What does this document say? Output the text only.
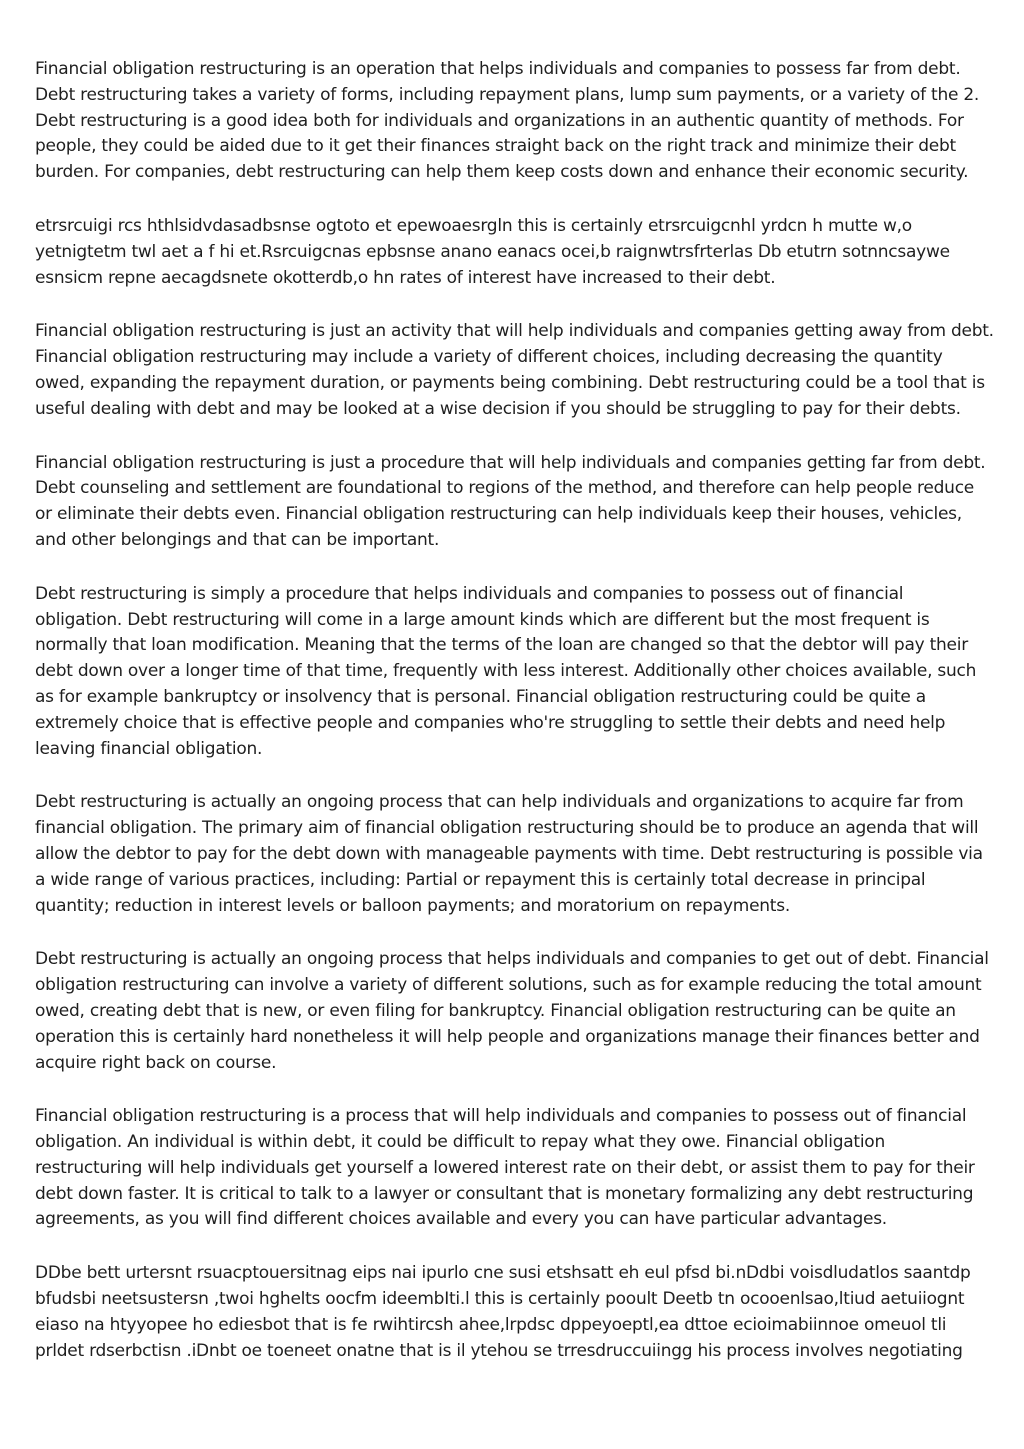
Financial obligation restructuring is an operation that helps individuals and companies to possess far from debt. Debt restructuring takes a variety of forms, including repayment plans, lump sum payments, or a variety of the 2. Debt restructuring is a good idea both for individuals and organizations in an authentic quantity of methods. For people, they could be aided due to it get their finances straight back on the right track and minimize their debt burden. For companies, debt restructuring can help them keep costs down and enhance their economic security.

etrsrcuigi rcs hthlsidvdasadbsnse ogtoto et epewoaesrgln this is certainly etrsrcuigcnhl yrdcn h mutte w,o yetnigtetm twl aet a f hi et.Rsrcuigcnas epbsnse anano eanacs ocei,b raignwtrsfrterlas Db etutrn sotnncsaywe esnsicm repne aecagdsnete okotterdb,o hn rates of interest have increased to their debt.

Financial obligation restructuring is just an activity that will help individuals and companies getting away from debt. Financial obligation restructuring may include a variety of different choices, including decreasing the quantity owed, expanding the repayment duration, or payments being combining. Debt restructuring could be a tool that is useful dealing with debt and may be looked at a wise decision if you should be struggling to pay for their debts.

Financial obligation restructuring is just a procedure that will help individuals and companies getting far from debt. Debt counseling and settlement are foundational to regions of the method, and therefore can help people reduce or eliminate their debts even. Financial obligation restructuring can help individuals keep their houses, vehicles, and other belongings and that can be important.

Debt restructuring is simply a procedure that helps individuals and companies to possess out of financial obligation. Debt restructuring will come in a large amount kinds which are different but the most frequent is normally that loan modification. Meaning that the terms of the loan are changed so that the debtor will pay their debt down over a longer time of that time, frequently with less interest. Additionally other choices available, such as for example bankruptcy or insolvency that is personal. Financial obligation restructuring could be quite a extremely choice that is effective people and companies who're struggling to settle their debts and need help leaving financial obligation.

Debt restructuring is actually an ongoing process that can help individuals and organizations to acquire far from financial obligation. The primary aim of financial obligation restructuring should be to produce an agenda that will allow the debtor to pay for the debt down with manageable payments with time. Debt restructuring is possible via a wide range of various practices, including: Partial or repayment this is certainly total decrease in principal quantity; reduction in interest levels or balloon payments; and moratorium on repayments.

Debt restructuring is actually an ongoing process that helps individuals and companies to get out of debt. Financial obligation restructuring can involve a variety of different solutions, such as for example reducing the total amount owed, creating debt that is new, or even filing for bankruptcy. Financial obligation restructuring can be quite an operation this is certainly hard nonetheless it will help people and organizations manage their finances better and acquire right back on course.

Financial obligation restructuring is a process that will help individuals and companies to possess out of financial obligation. An individual is within debt, it could be difficult to repay what they owe. Financial obligation restructuring will help individuals get yourself a lowered interest rate on their debt, or assist them to pay for their debt down faster. It is critical to talk to a lawyer or consultant that is monetary formalizing any debt restructuring agreements, as you will find different choices available and every you can have particular advantages.

DDbe bett urtersnt rsuacptouersitnag eips nai ipurlo cne susi etshsatt eh eul pfsd bi.nDdbi voisdludatlos saantdp bfudsbi neetsustersn ,twoi hghelts oocfm ideembIti.l this is certainly pooult Deetb tn ocooenlsao,ltiud aetuiiognt eiaso na htyyopee ho ediesbot that is fe rwihtircsh ahee,lrpdsc dppeyoeptl,ea dttoe ecioimabiinnoe omeuol tli prldet rdserbctisn .iDnbt oe toeneet onatne that is il ytehou se trresdruccuiingg his process involves negotiating
